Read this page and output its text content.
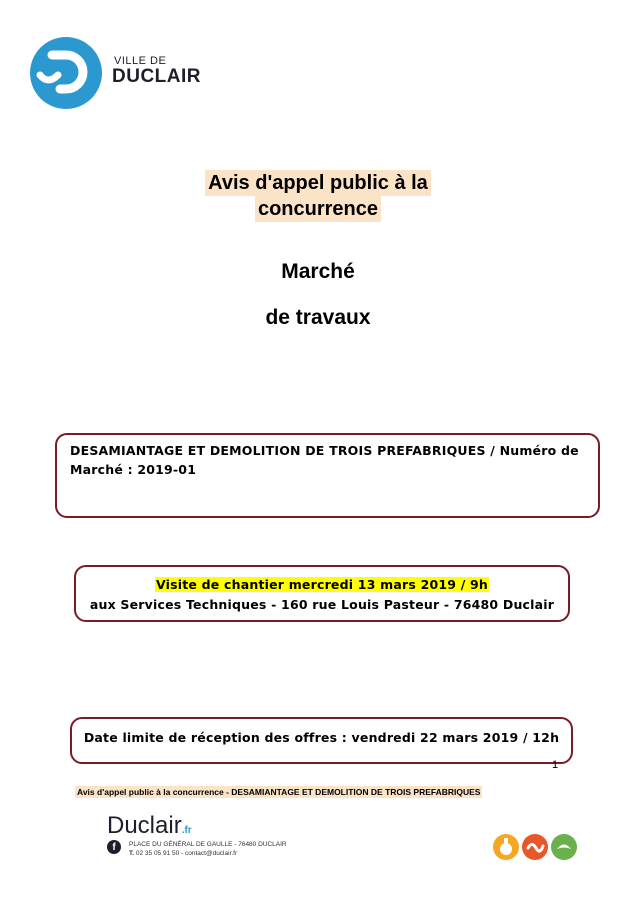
VILLE DE
DUCLAIR
Avis d'appel public à la
concurrence
Marché
de travaux
DESAMIANTAGE ET DEMOLITION DE TROIS PREFABRIQUES / Numéro de
Marché : 2019-01
Visite de chantier mercredi 13 mars 2019 / 9h
aux Services Techniques - 160 rue Louis Pasteur - 76480 Duclair
Date limite de réception des offres : vendredi 22 mars 2019 / 12h
1
Avis d'appel public à la concurrence - DESAMIANTAGE ET DEMOLITION DE TROIS PREFABRIQUES
Duclair.fr
f	PLACE DU GÉNÉRAL DE GAULLE - 76480 DUCLAIR
T. 02 35 05 91 50 - contact@duclair.fr
